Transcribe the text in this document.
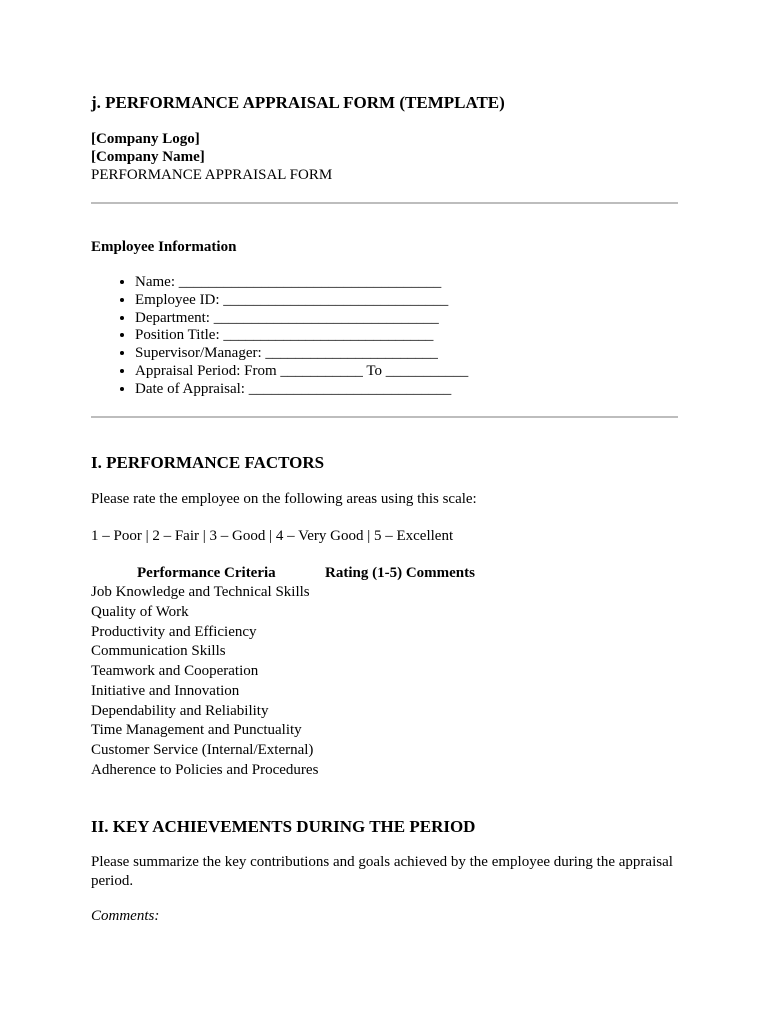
j. PERFORMANCE APPRAISAL FORM (TEMPLATE)
[Company Logo]
[Company Name]
PERFORMANCE APPRAISAL FORM
Employee Information
• Name: ___________________________________
• Employee ID: ______________________________
• Department: ______________________________
• Position Title: ____________________________
• Supervisor/Manager: _______________________
• Appraisal Period: From ___________ To ___________
• Date of Appraisal: ___________________________
I. PERFORMANCE FACTORS
Please rate the employee on the following areas using this scale:
1 – Poor | 2 – Fair | 3 – Good | 4 – Very Good | 5 – Excellent
Performance Criteria	Rating (1-5) Comments
Job Knowledge and Technical Skills
Quality of Work
Productivity and Efficiency
Communication Skills
Teamwork and Cooperation
Initiative and Innovation
Dependability and Reliability
Time Management and Punctuality
Customer Service (Internal/External)
Adherence to Policies and Procedures
II. KEY ACHIEVEMENTS DURING THE PERIOD
Please summarize the key contributions and goals achieved by the employee during the appraisal
period.
Comments:
